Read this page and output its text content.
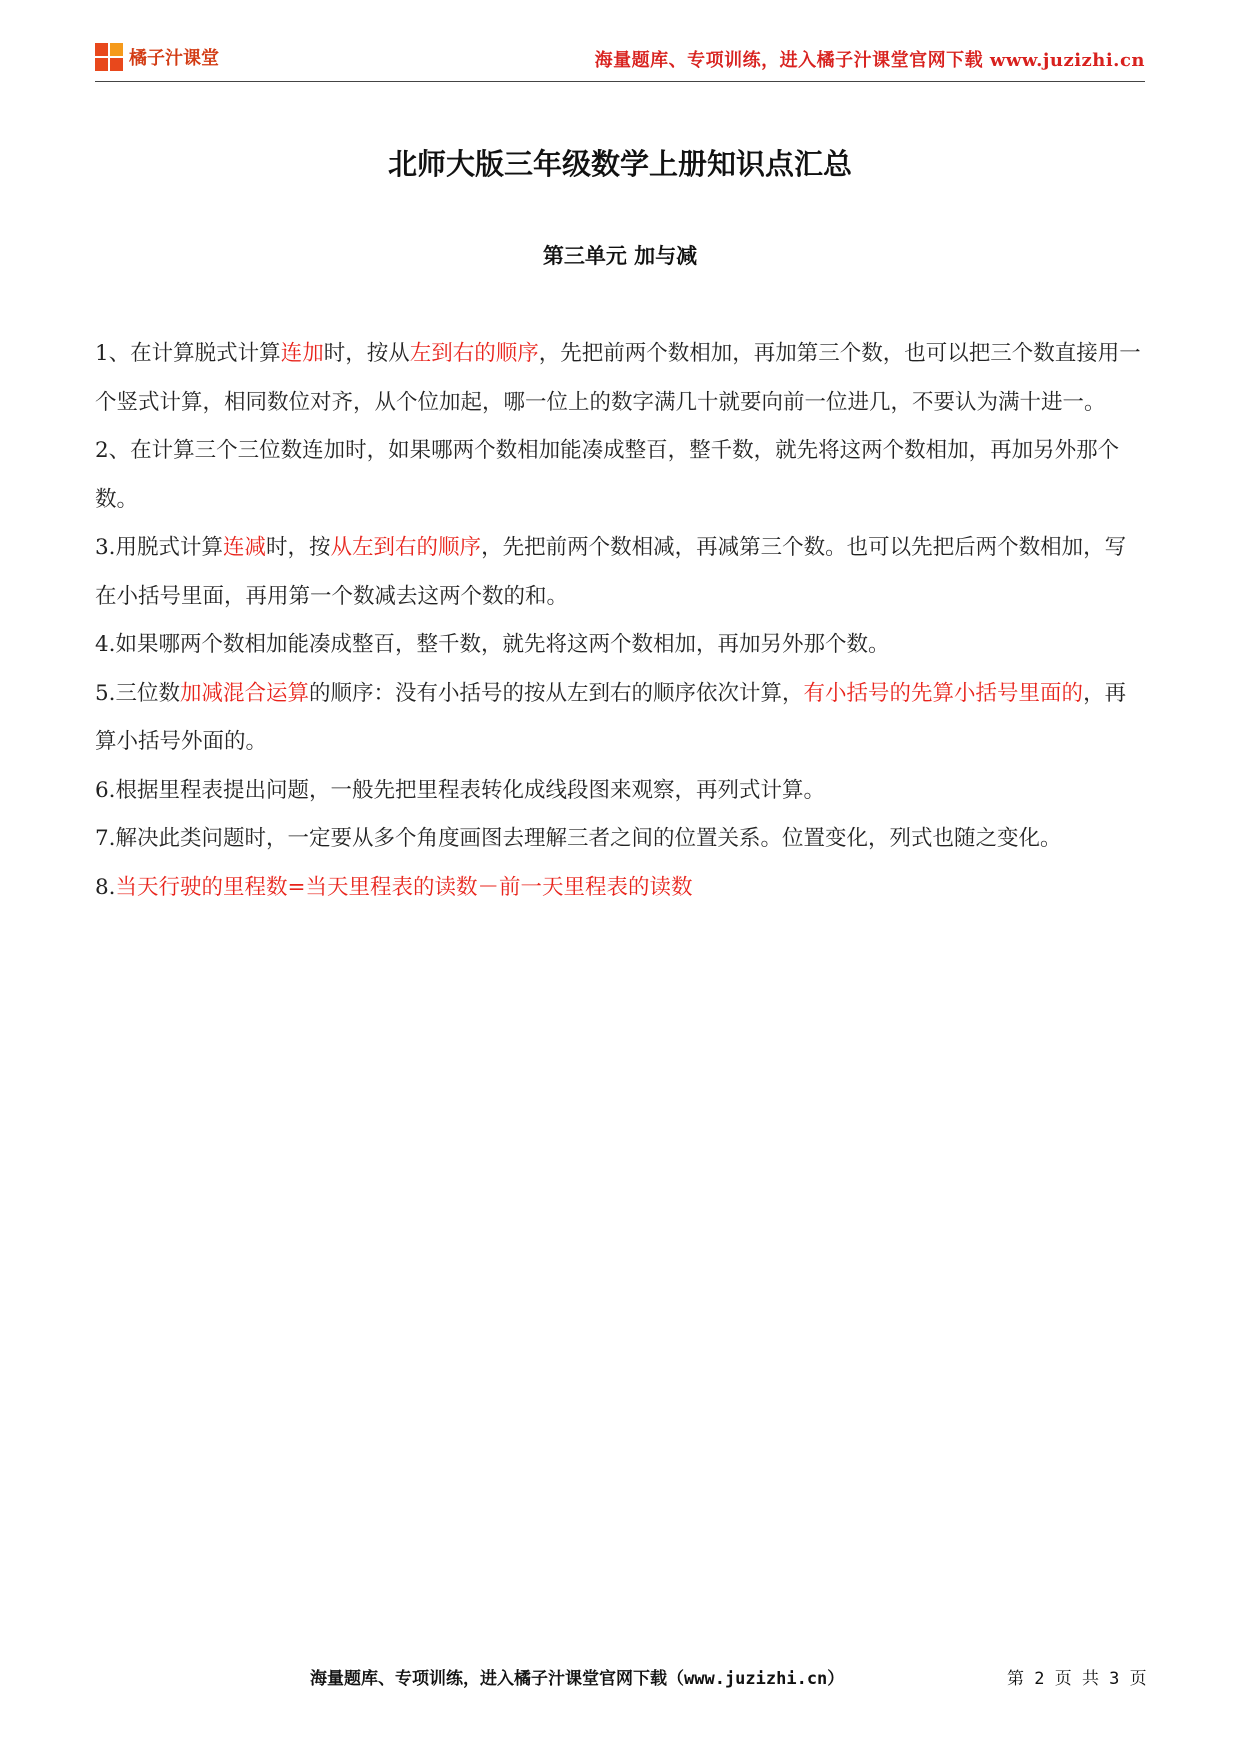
橘子汁课堂	海量题库、专项训练，进入橘子汁课堂官网下载 www.juzizhi.cn
北师大版三年级数学上册知识点汇总
第三单元 加与减

1、在计算脱式计算连加时，按从左到右的顺序，先把前两个数相加，再加第三个数，也可以把三个数直接用一个竖式计算，相同数位对齐，从个位加起，哪一位上的数字满几十就要向前一位进几，不要认为满十进一。

2、在计算三个三位数连加时，如果哪两个数相加能凑成整百，整千数，就先将这两个数相加，再加另外那个数。

3.用脱式计算连减时，按从左到右的顺序，先把前两个数相减，再减第三个数。也可以先把后两个数相加，写在小括号里面，再用第一个数减去这两个数的和。

4.如果哪两个数相加能凑成整百，整千数，就先将这两个数相加，再加另外那个数。

5.三位数加减混合运算的顺序：没有小括号的按从左到右的顺序依次计算，有小括号的先算小括号里面的，再算小括号外面的。

6.根据里程表提出问题，一般先把里程表转化成线段图来观察，再列式计算。

7.解决此类问题时，一定要从多个角度画图去理解三者之间的位置关系。位置变化，列式也随之变化。

8.当天行驶的里程数=当天里程表的读数－前一天里程表的读数

海量题库、专项训练，进入橘子汁课堂官网下载（www.juzizhi.cn）	第 2 页 共 3 页
